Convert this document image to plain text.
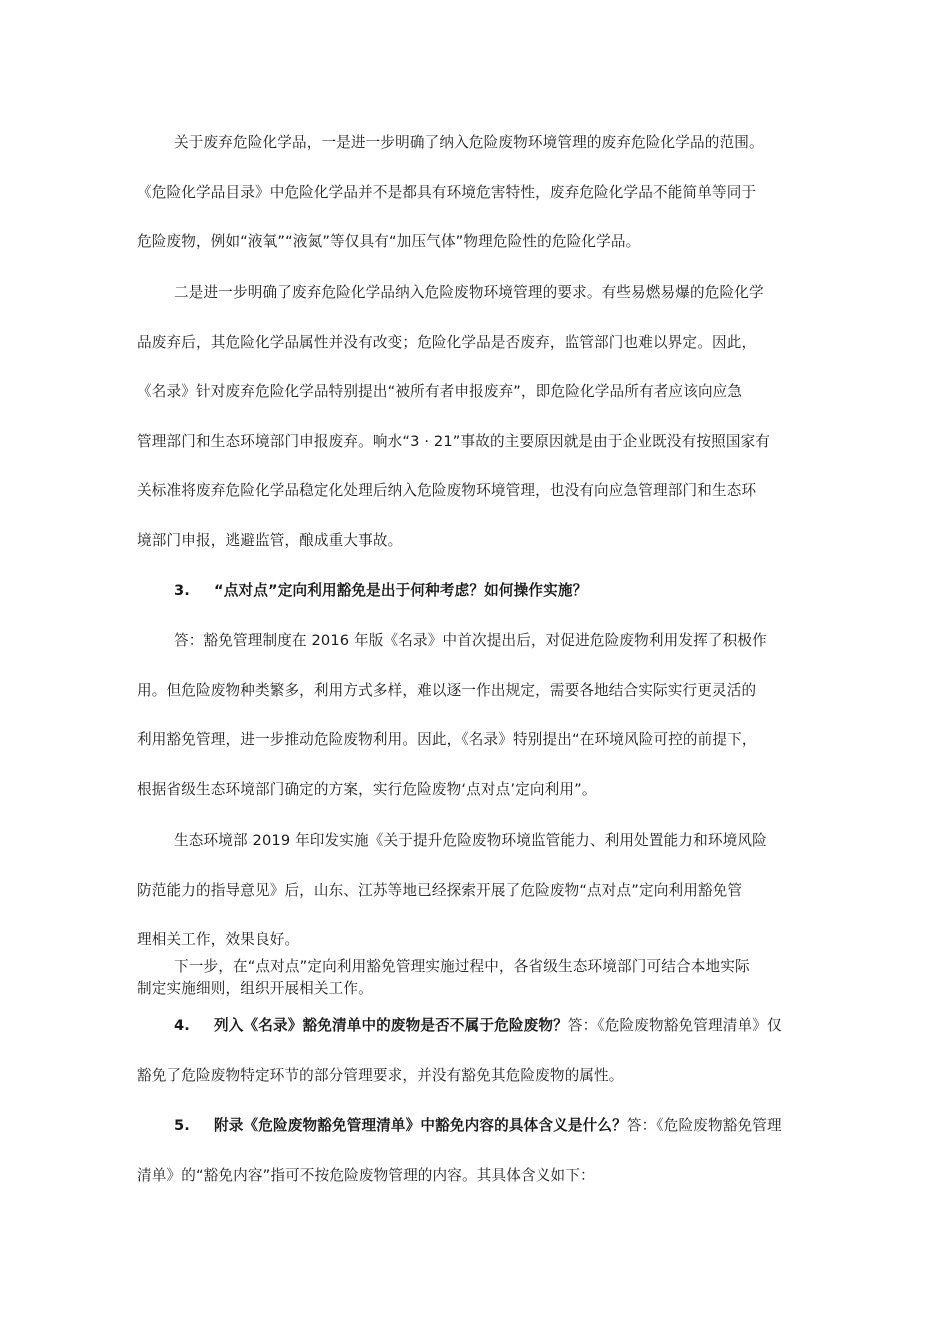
关于废弃危险化学品，一是进一步明确了纳入危险废物环境管理的废弃危险化学品的范围。
《危险化学品目录》中危险化学品并不是都具有环境危害特性，废弃危险化学品不能简单等同于
危险废物，例如“液氧”“液氮”等仅具有“加压气体”物理危险性的危险化学品。

二是进一步明确了废弃危险化学品纳入危险废物环境管理的要求。有些易燃易爆的危险化学
品废弃后，其危险化学品属性并没有改变；危险化学品是否废弃，监管部门也难以界定。因此，
《名录》针对废弃危险化学品特别提出“被所有者申报废弃”，即危险化学品所有者应该向应急
管理部门和生态环境部门申报废弃。响水“3 · 21”事故的主要原因就是由于企业既没有按照国家有
关标准将废弃危险化学品稳定化处理后纳入危险废物环境管理，也没有向应急管理部门和生态环
境部门申报，逃避监管，酿成重大事故。

3. “点对点”定向利用豁免是出于何种考虑？如何操作实施？

答：豁免管理制度在 2016 年版《名录》中首次提出后，对促进危险废物利用发挥了积极作
用。但危险废物种类繁多，利用方式多样，难以逐一作出规定，需要各地结合实际实行更灵活的
利用豁免管理，进一步推动危险废物利用。因此，《名录》特别提出“在环境风险可控的前提下，
根据省级生态环境部门确定的方案，实行危险废物‘点对点’定向利用”。

生态环境部 2019 年印发实施《关于提升危险废物环境监管能力、利用处置能力和环境风险
防范能力的指导意见》后，山东、江苏等地已经探索开展了危险废物“点对点”定向利用豁免管
理相关工作，效果良好。

下一步，在“点对点”定向利用豁免管理实施过程中，各省级生态环境部门可结合本地实际
制定实施细则，组织开展相关工作。

4. 列入《名录》豁免清单中的废物是否不属于危险废物？答：《危险废物豁免管理清单》仅
豁免了危险废物特定环节的部分管理要求，并没有豁免其危险废物的属性。

5. 附录《危险废物豁免管理清单》中豁免内容的具体含义是什么？答：《危险废物豁免管理
清单》的“豁免内容”指可不按危险废物管理的内容。其具体含义如下：
